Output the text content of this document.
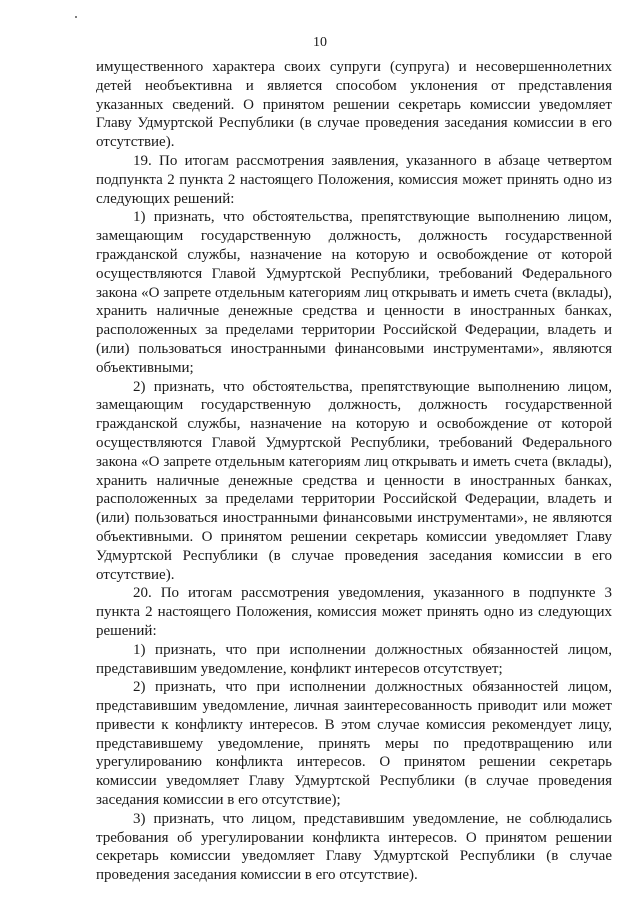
10

имущественного характера своих супруги (супруга) и несовершеннолетних детей необъективна и является способом уклонения от представления указанных сведений. О принятом решении секретарь комиссии уведомляет Главу Удмуртской Республики (в случае проведения заседания комиссии в его отсутствие).

19. По итогам рассмотрения заявления, указанного в абзаце четвертом подпункта 2 пункта 2 настоящего Положения, комиссия может принять одно из следующих решений:

1) признать, что обстоятельства, препятствующие выполнению лицом, замещающим государственную должность, должность государственной гражданской службы, назначение на которую и освобождение от которой осуществляются Главой Удмуртской Республики, требований Федерального закона «О запрете отдельным категориям лиц открывать и иметь счета (вклады), хранить наличные денежные средства и ценности в иностранных банках, расположенных за пределами территории Российской Федерации, владеть и (или) пользоваться иностранными финансовыми инструментами», являются объективными;

2) признать, что обстоятельства, препятствующие выполнению лицом, замещающим государственную должность, должность государственной гражданской службы, назначение на которую и освобождение от которой осуществляются Главой Удмуртской Республики, требований Федерального закона «О запрете отдельным категориям лиц открывать и иметь счета (вклады), хранить наличные денежные средства и ценности в иностранных банках, расположенных за пределами территории Российской Федерации, владеть и (или) пользоваться иностранными финансовыми инструментами», не являются объективными. О принятом решении секретарь комиссии уведомляет Главу Удмуртской Республики (в случае проведения заседания комиссии в его отсутствие).

20. По итогам рассмотрения уведомления, указанного в подпункте 3 пункта 2 настоящего Положения, комиссия может принять одно из следующих решений:

1) признать, что при исполнении должностных обязанностей лицом, представившим уведомление, конфликт интересов отсутствует;

2) признать, что при исполнении должностных обязанностей лицом, представившим уведомление, личная заинтересованность приводит или может привести к конфликту интересов. В этом случае комиссия рекомендует лицу, представившему уведомление, принять меры по предотвращению или урегулированию конфликта интересов. О принятом решении секретарь комиссии уведомляет Главу Удмуртской Республики (в случае проведения заседания комиссии в его отсутствие);

3) признать, что лицом, представившим уведомление, не соблюдались требования об урегулировании конфликта интересов. О принятом решении секретарь комиссии уведомляет Главу Удмуртской Республики (в случае проведения заседания комиссии в его отсутствие).
